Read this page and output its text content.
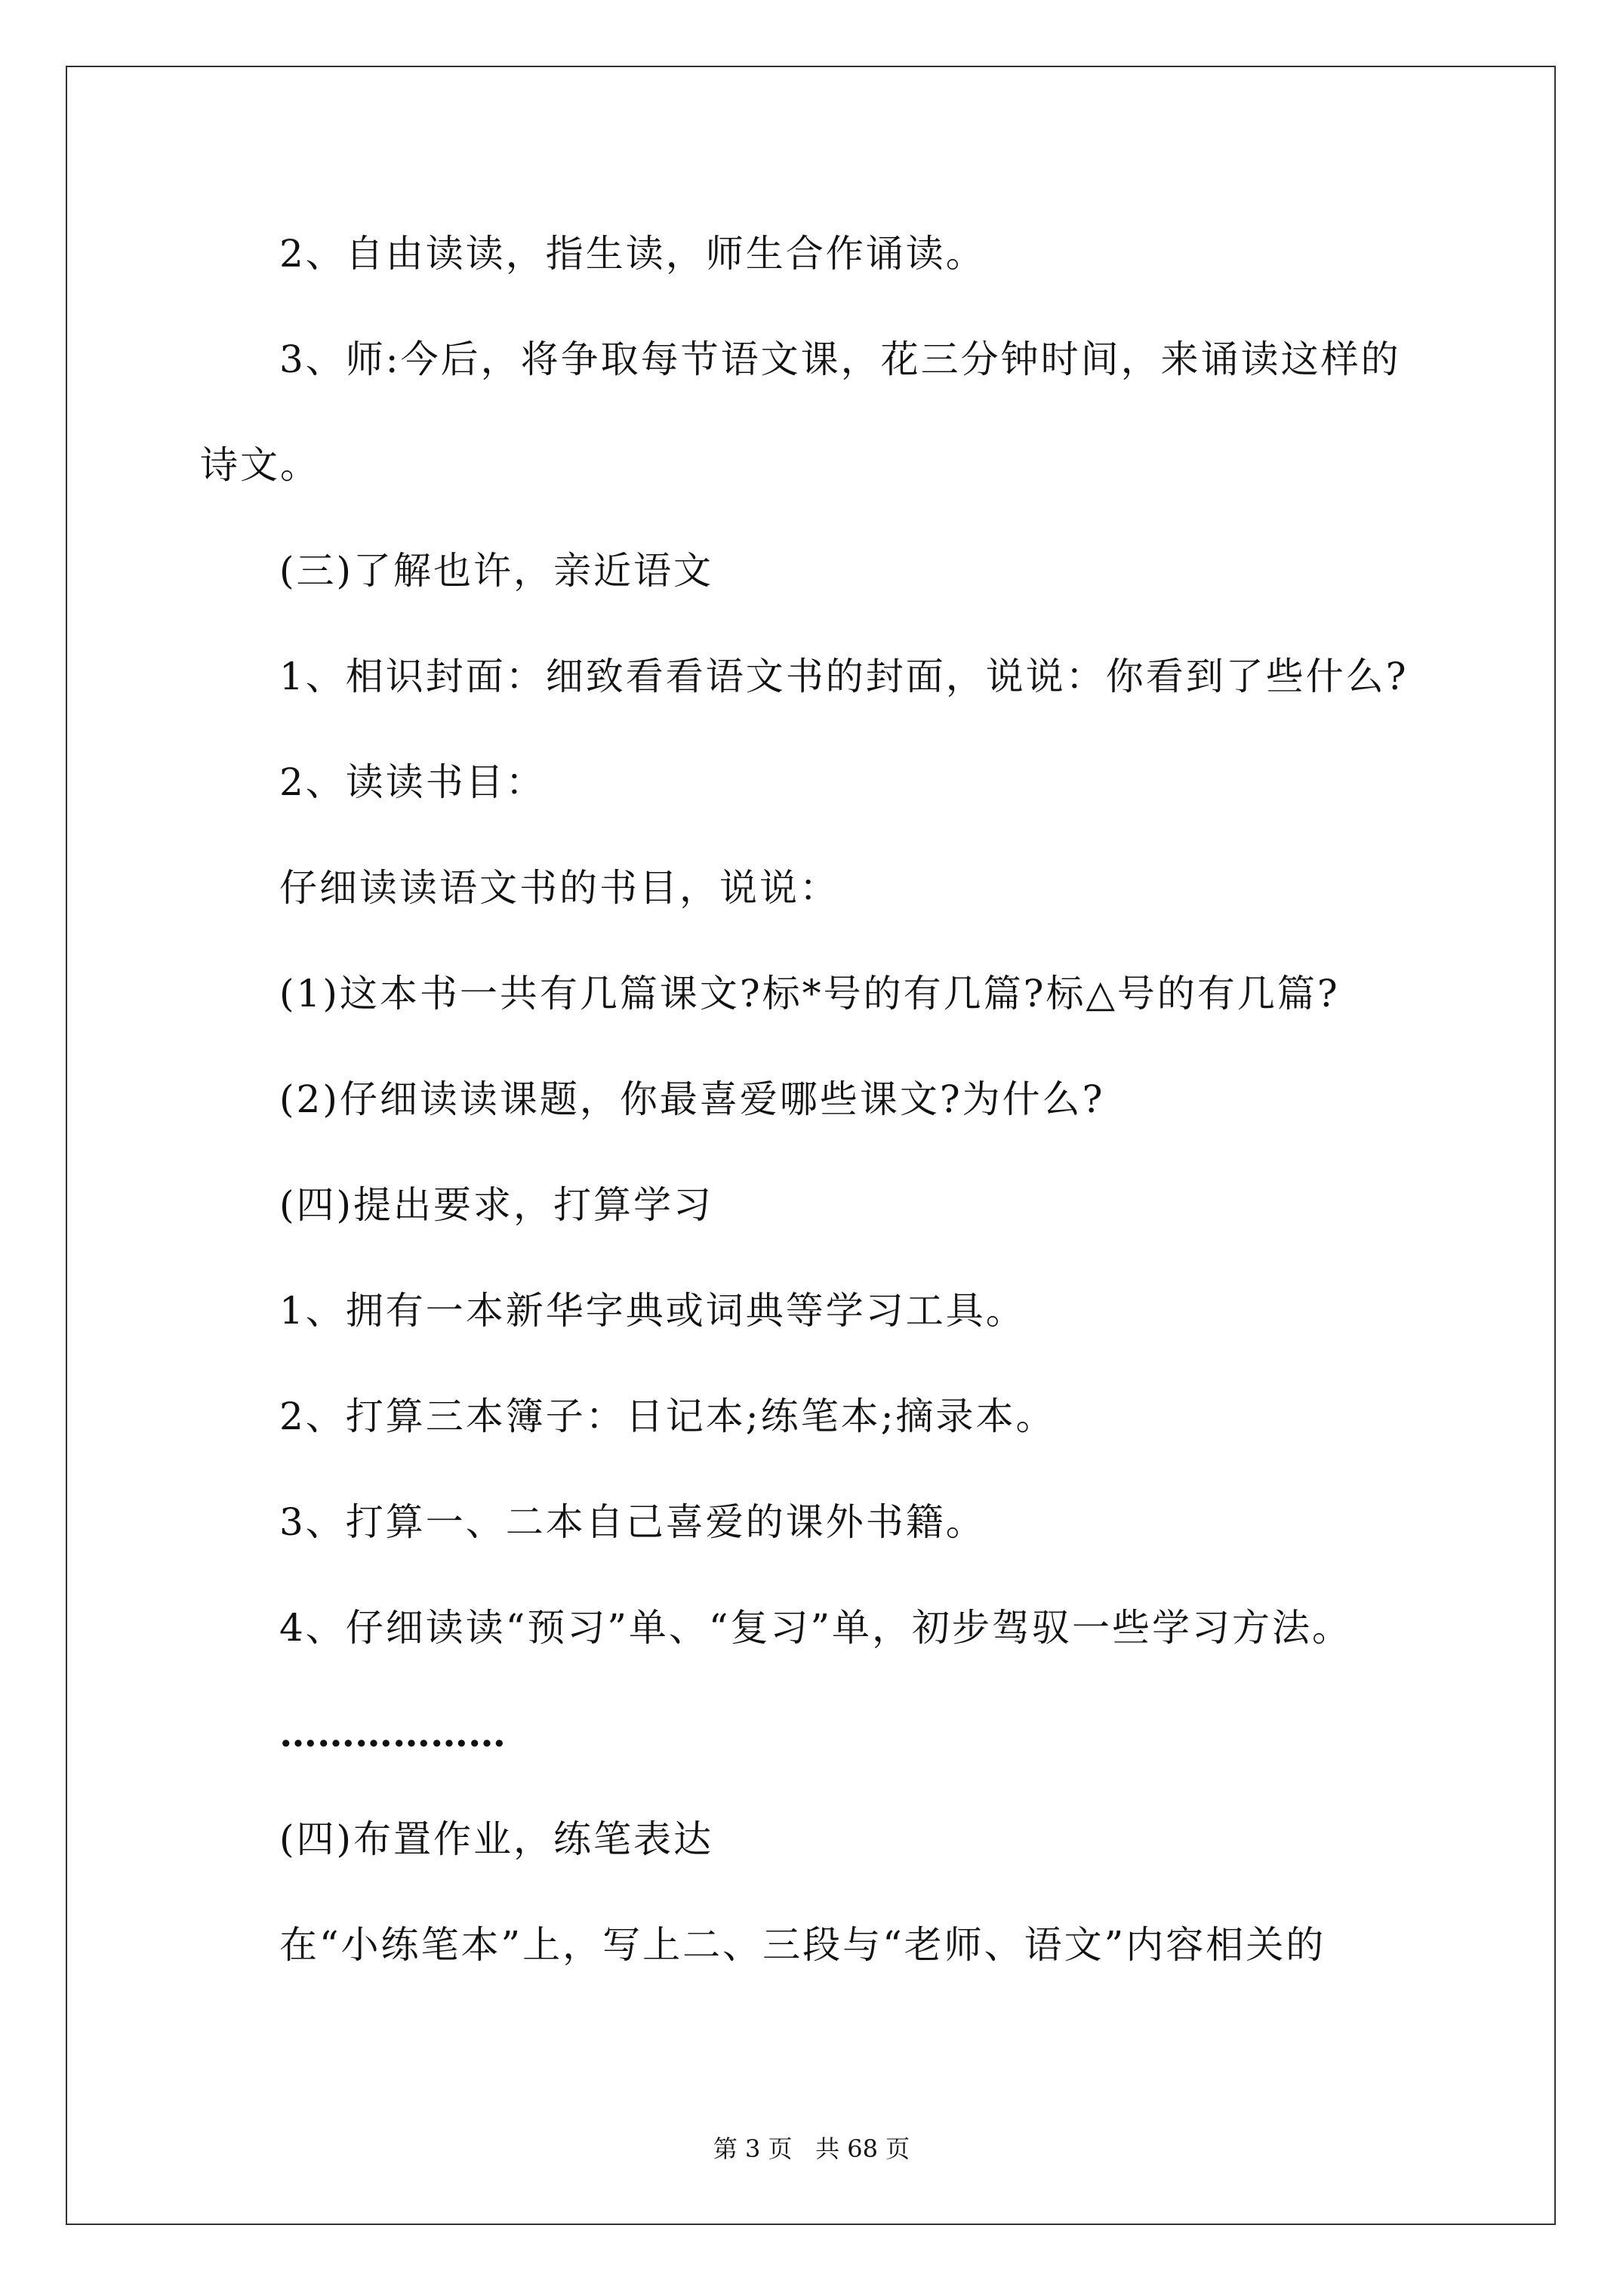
2、自由读读，指生读，师生合作诵读。
3、师:今后，将争取每节语文课，花三分钟时间，来诵读这样的
诗文。
(三)了解也许，亲近语文
1、相识封面：细致看看语文书的封面，说说：你看到了些什么?
2、读读书目：
仔细读读语文书的书目，说说：
(1)这本书一共有几篇课文?标*号的有几篇?标△号的有几篇?
(2)仔细读读课题，你最喜爱哪些课文?为什么?
(四)提出要求，打算学习
1、拥有一本新华字典或词典等学习工具。
2、打算三本簿子：日记本;练笔本;摘录本。
3、打算一、二本自己喜爱的课外书籍。
4、仔细读读“预习”单、“复习”单，初步驾驭一些学习方法。
………………
(四)布置作业，练笔表达
在“小练笔本”上，写上二、三段与“老师、语文”内容相关的
第 3 页   共 68 页
